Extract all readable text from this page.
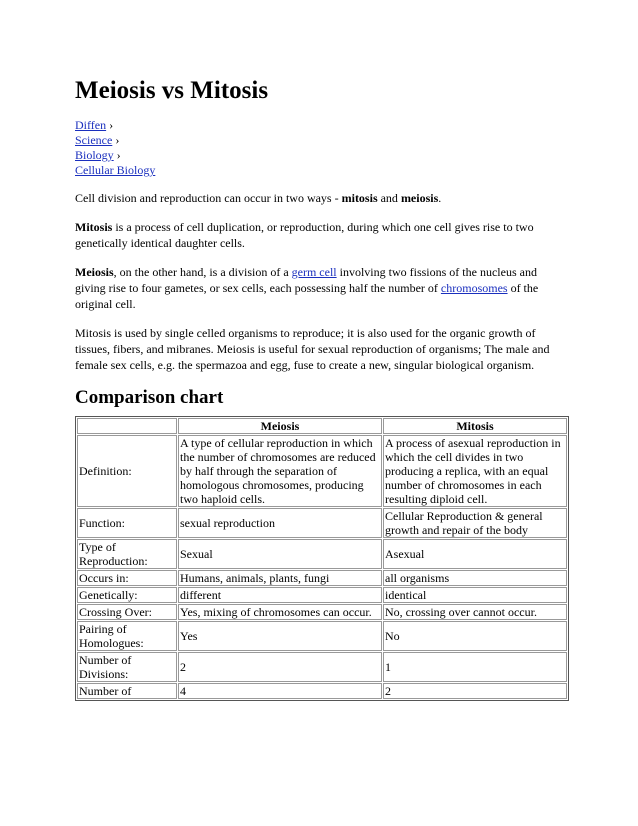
Meiosis vs Mitosis
Diffen ›
Science ›
Biology ›
Cellular Biology

Cell division and reproduction can occur in two ways - mitosis and meiosis.

Mitosis is a process of cell duplication, or reproduction, during which one cell gives rise to two genetically identical daughter cells.

Meiosis, on the other hand, is a division of a germ cell involving two fissions of the nucleus and giving rise to four gametes, or sex cells, each possessing half the number of chromosomes of the original cell.

Mitosis is used by single celled organisms to reproduce; it is also used for the organic growth of tissues, fibers, and mibranes. Meiosis is useful for sexual reproduction of organisms; The male and female sex cells, e.g. the spermazoa and egg, fuse to create a new, singular biological organism.

Comparison chart
	Meiosis	Mitosis
Definition:	A type of cellular reproduction in which the number of chromosomes are reduced by half through the separation of homologous chromosomes, producing two haploid cells.	A process of asexual reproduction in which the cell divides in two producing a replica, with an equal number of chromosomes in each resulting diploid cell.
Function:	sexual reproduction	Cellular Reproduction & general growth and repair of the body
Type of Reproduction:	Sexual	Asexual
Occurs in:	Humans, animals, plants, fungi	all organisms
Genetically:	different	identical
Crossing Over:	Yes, mixing of chromosomes can occur.	No, crossing over cannot occur.
Pairing of Homologues:	Yes	No
Number of Divisions:	2	1
Number of	4	2
